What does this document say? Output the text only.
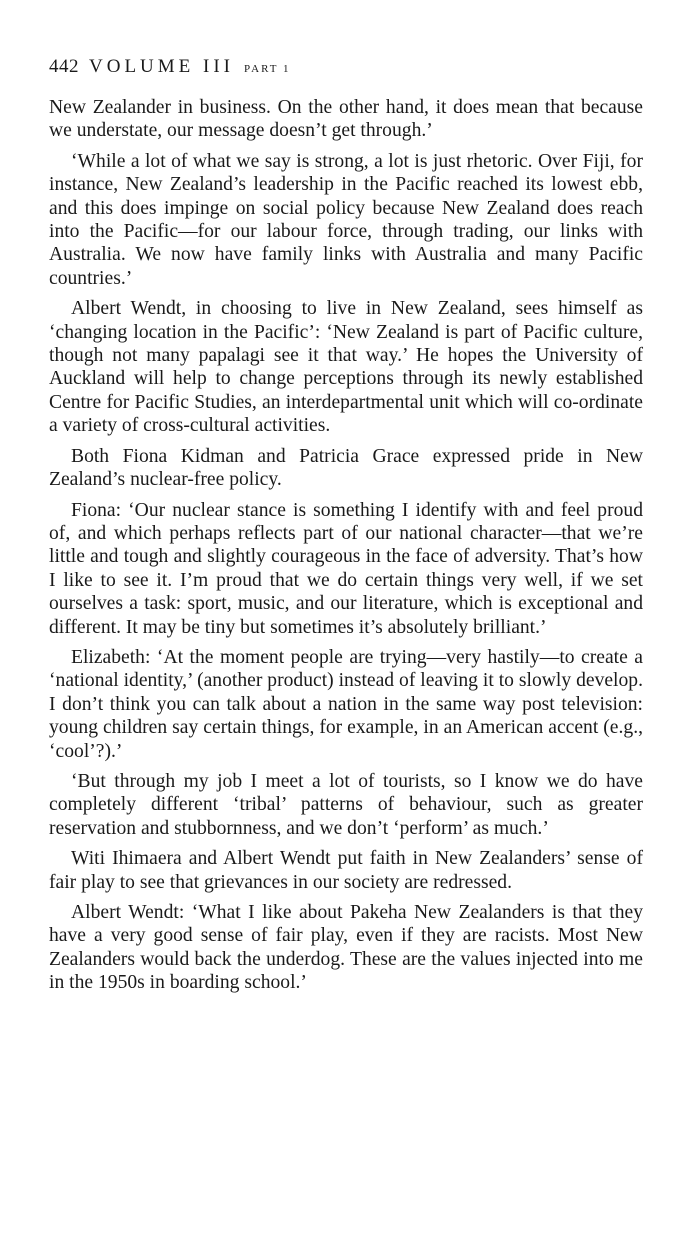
442 VOLUME III PART 1

New Zealander in business. On the other hand, it does mean that because we understate, our message doesn’t get through.’

‘While a lot of what we say is strong, a lot is just rhetoric. Over Fiji, for instance, New Zealand’s leadership in the Pacific reached its lowest ebb, and this does impinge on social policy because New Zealand does reach into the Pacific—for our labour force, through trading, our links with Australia. We now have family links with Australia and many Pacific countries.’

Albert Wendt, in choosing to live in New Zealand, sees himself as ‘changing location in the Pacific’: ‘New Zealand is part of Pacific culture, though not many papalagi see it that way.’ He hopes the University of Auckland will help to change perceptions through its newly established Centre for Pacific Studies, an interdepartmental unit which will co-ordinate a variety of cross-cultural activities.

Both Fiona Kidman and Patricia Grace expressed pride in New Zealand’s nuclear-free policy.

Fiona: ‘Our nuclear stance is something I identify with and feel proud of, and which perhaps reflects part of our national character—that we’re little and tough and slightly courageous in the face of adversity. That’s how I like to see it. I’m proud that we do certain things very well, if we set ourselves a task: sport, music, and our literature, which is exceptional and different. It may be tiny but sometimes it’s absolutely brilliant.’

Elizabeth: ‘At the moment people are trying—very hastily—to create a ‘national identity,’ (another product) instead of leaving it to slowly develop. I don’t think you can talk about a nation in the same way post television: young children say certain things, for example, in an American accent (e.g., ‘cool’?).’

‘But through my job I meet a lot of tourists, so I know we do have completely different ‘tribal’ patterns of behaviour, such as greater reservation and stubbornness, and we don’t ‘perform’ as much.’

Witi Ihimaera and Albert Wendt put faith in New Zealanders’ sense of fair play to see that grievances in our society are redressed.

Albert Wendt: ‘What I like about Pakeha New Zealanders is that they have a very good sense of fair play, even if they are racists. Most New Zealanders would back the underdog. These are the values injected into me in the 1950s in boarding school.’
